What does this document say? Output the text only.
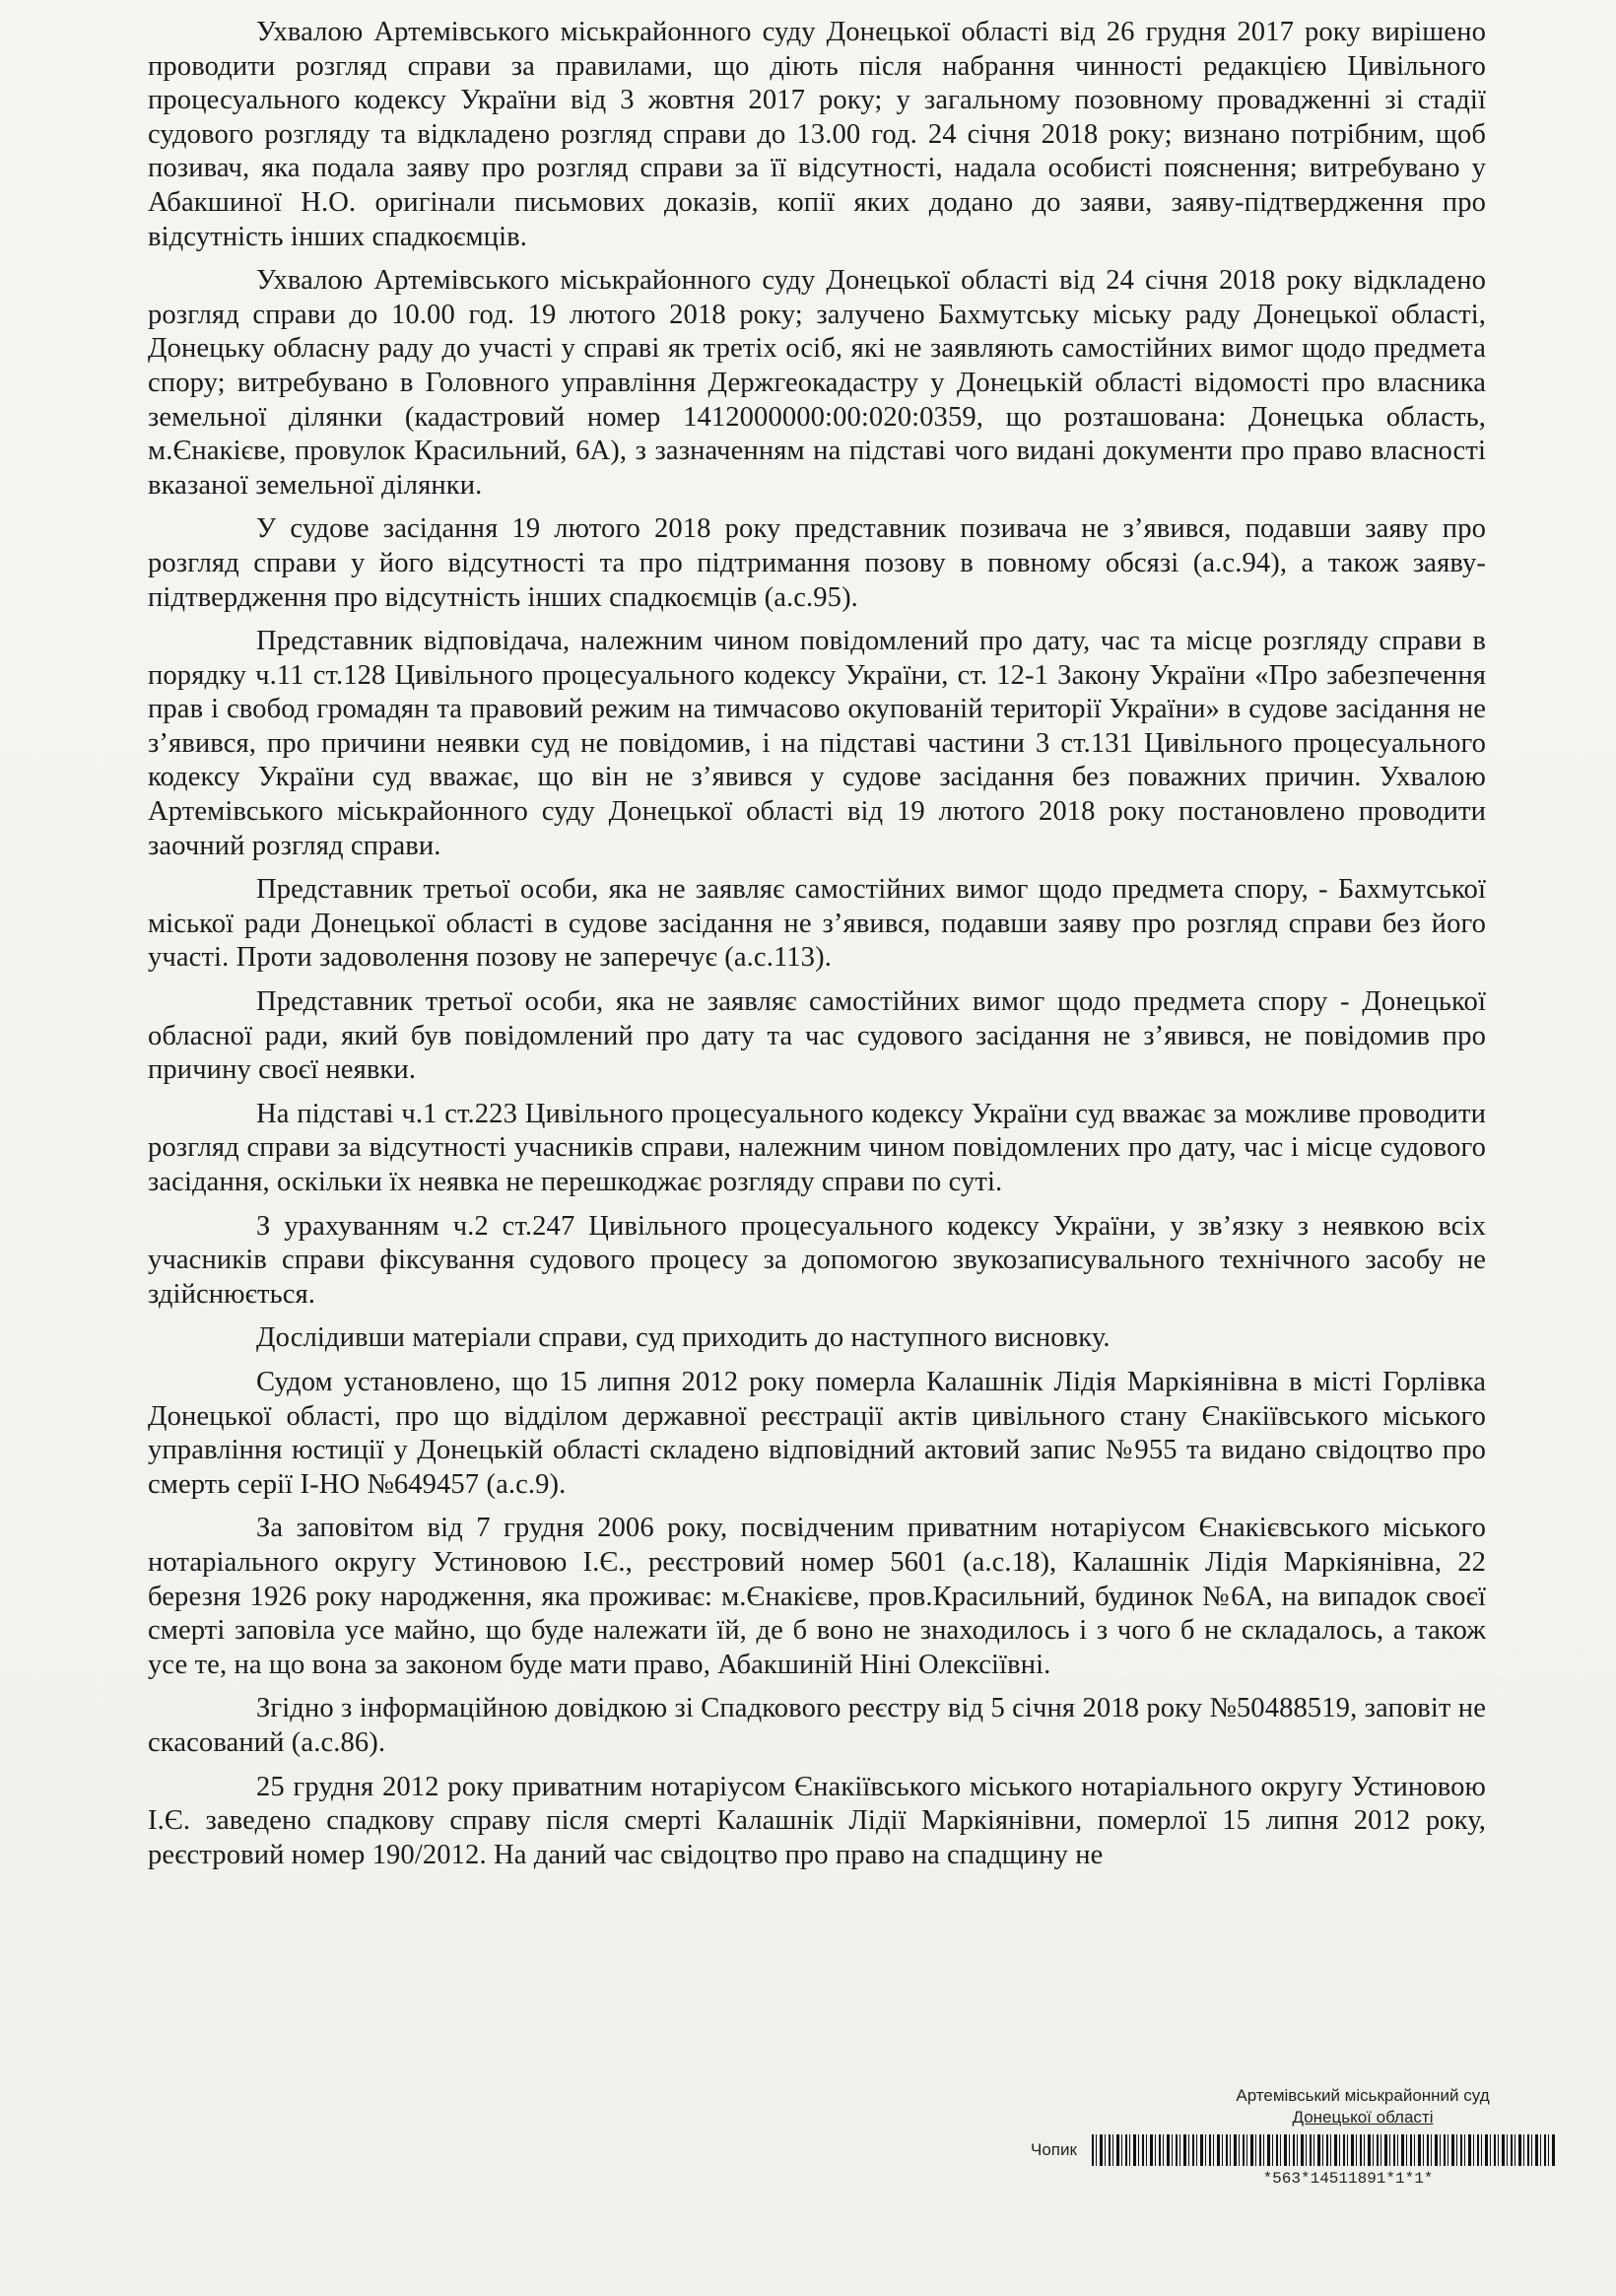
Ухвалою Артемівського міськрайонного суду Донецької області від 26 грудня 2017 року вирішено проводити розгляд справи за правилами, що діють після набрання чинності редакцією Цивільного процесуального кодексу України від 3 жовтня 2017 року; у загальному позовному провадженні зі стадії судового розгляду та відкладено розгляд справи до 13.00 год. 24 січня 2018 року; визнано потрібним, щоб позивач, яка подала заяву про розгляд справи за її відсутності, надала особисті пояснення; витребувано у Абакшиної Н.О. оригінали письмових доказів, копії яких додано до заяви, заяву-підтвердження про відсутність інших спадкоємців.

Ухвалою Артемівського міськрайонного суду Донецької області від 24 січня 2018 року відкладено розгляд справи до 10.00 год. 19 лютого 2018 року; залучено Бахмутську міську раду Донецької області, Донецьку обласну раду до участі у справі як третіх осіб, які не заявляють самостійних вимог щодо предмета спору; витребувано в Головного управління Держгеокадастру у Донецькій області відомості про власника земельної ділянки (кадастровий номер 1412000000:00:020:0359, що розташована: Донецька область, м.Єнакієве, провулок Красильний, 6А), з зазначенням на підставі чого видані документи про право власності вказаної земельної ділянки.

У судове засідання 19 лютого 2018 року представник позивача не з’явився, подавши заяву про розгляд справи у його відсутності та про підтримання позову в повному обсязі (а.с.94), а також заяву-підтвердження про відсутність інших спадкоємців (а.с.95).

Представник відповідача, належним чином повідомлений про дату, час та місце розгляду справи в порядку ч.11 ст.128 Цивільного процесуального кодексу України, ст. 12-1 Закону України «Про забезпечення прав і свобод громадян та правовий режим на тимчасово окупованій території України» в судове засідання не з’явився, про причини неявки суд не повідомив, і на підставі частини 3 ст.131 Цивільного процесуального кодексу України суд вважає, що він не з’явився у судове засідання без поважних причин. Ухвалою Артемівського міськрайонного суду Донецької області від 19 лютого 2018 року постановлено проводити заочний розгляд справи.

Представник третьої особи, яка не заявляє самостійних вимог щодо предмета спору, - Бахмутської міської ради Донецької області в судове засідання не з’явився, подавши заяву про розгляд справи без його участі. Проти задоволення позову не заперечує (а.с.113).

Представник третьої особи, яка не заявляє самостійних вимог щодо предмета спору - Донецької обласної ради, який був повідомлений про дату та час судового засідання не з’явився, не повідомив про причину своєї неявки.

На підставі ч.1 ст.223 Цивільного процесуального кодексу України суд вважає за можливе проводити розгляд справи за відсутності учасників справи, належним чином повідомлених про дату, час і місце судового засідання, оскільки їх неявка не перешкоджає розгляду справи по суті.

З урахуванням ч.2 ст.247 Цивільного процесуального кодексу України, у зв’язку з неявкою всіх учасників справи фіксування судового процесу за допомогою звукозаписувального технічного засобу не здійснюється.

Дослідивши матеріали справи, суд приходить до наступного висновку.

Судом установлено, що 15 липня 2012 року померла Калашнік Лідія Маркіянівна в місті Горлівка Донецької області, про що відділом державної реєстрації актів цивільного стану Єнакіївського міського управління юстиції у Донецькій області складено відповідний актовий запис №955 та видано свідоцтво про смерть серії І-НО №649457 (а.с.9).

За заповітом від 7 грудня 2006 року, посвідченим приватним нотаріусом Єнакієвського міського нотаріального округу Устиновою І.Є., реєстровий номер 5601 (а.с.18), Калашнік Лідія Маркіянівна, 22 березня 1926 року народження, яка проживає: м.Єнакієве, пров.Красильний, будинок №6А, на випадок своєї смерті заповіла усе майно, що буде належати їй, де б воно не знаходилось і з чого б не складалось, а також усе те, на що вона за законом буде мати право, Абакшиній Ніні Олексіївні.

Згідно з інформаційною довідкою зі Спадкового реєстру від 5 січня 2018 року №50488519, заповіт не скасований (а.с.86).

25 грудня 2012 року приватним нотаріусом Єнакіївського міського нотаріального округу Устиновою І.Є. заведено спадкову справу після смерті Калашнік Лідії Маркіянівни, померлої 15 липня 2012 року, реєстровий номер 190/2012. На даний час свідоцтво про право на спадщину не

Артемівський міськрайонний суд
Донецької області
Чопик
*563*14511891*1*1*
